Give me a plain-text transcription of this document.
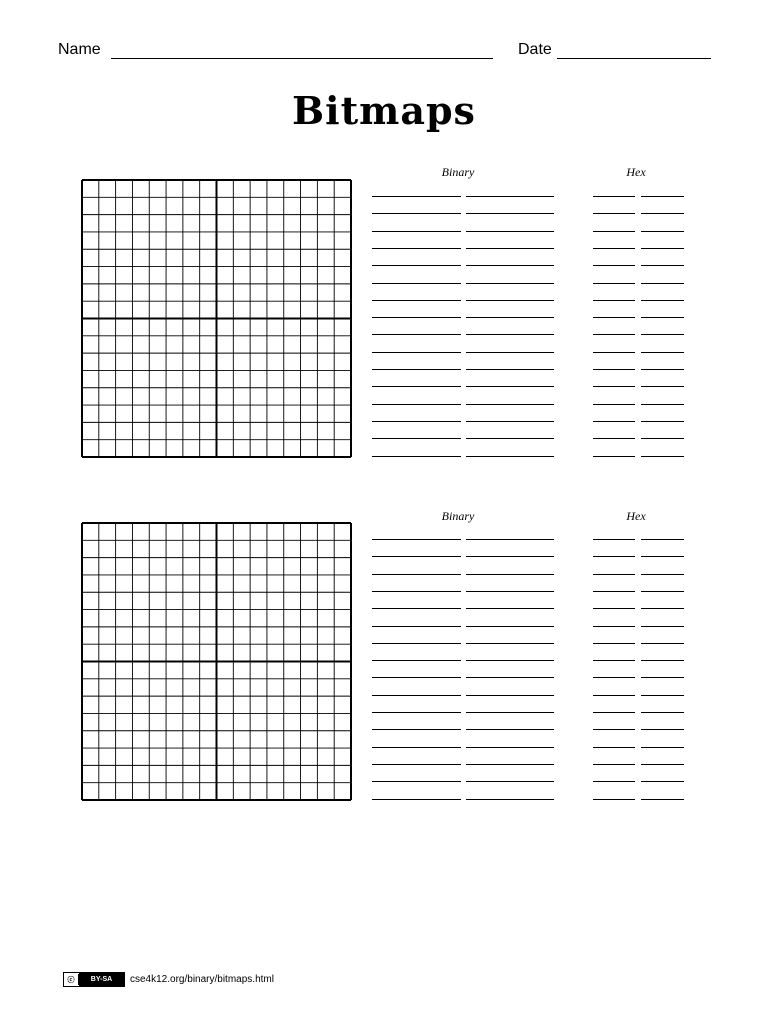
Name	Date
Bitmaps
Binary	Hex
Binary	Hex
ⓒ	BY-SA	cse4k12.org/binary/bitmaps.html
